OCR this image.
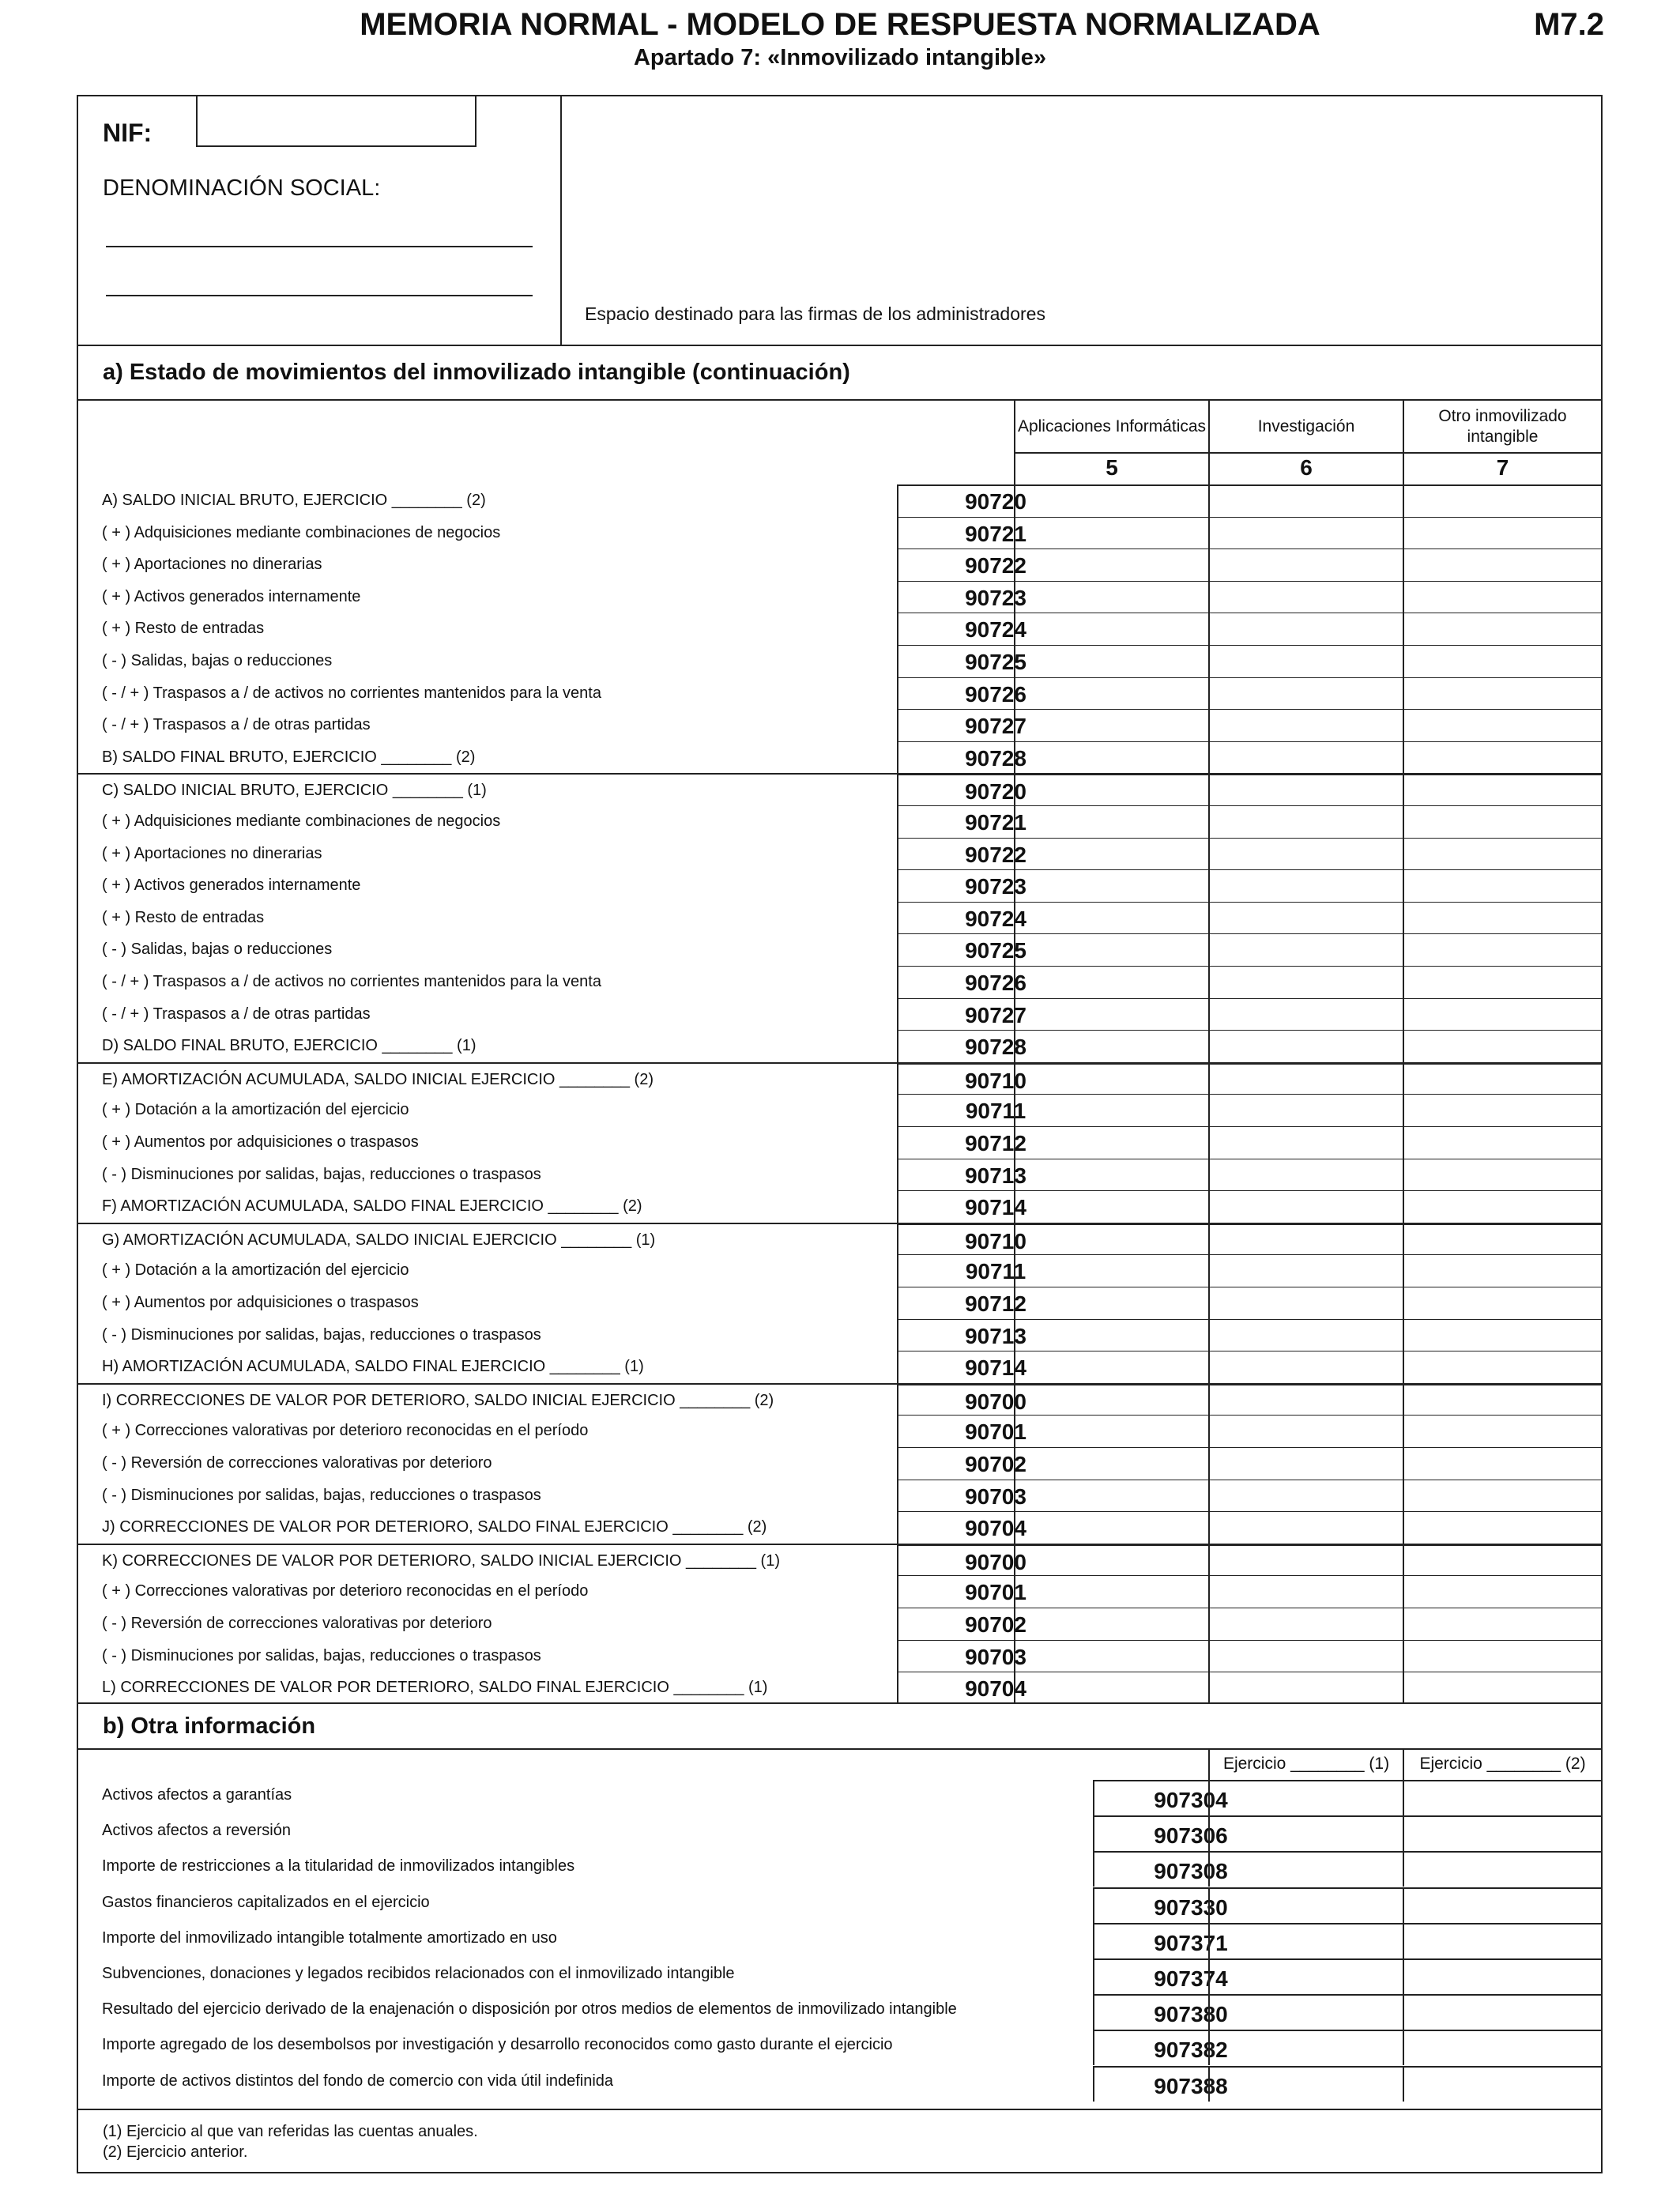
MEMORIA NORMAL - MODELO DE RESPUESTA NORMALIZADA
Apartado 7: «Inmovilizado intangible»
M7.2
NIF:
DENOMINACIÓN SOCIAL:
Espacio destinado para las firmas de los administradores
a) Estado de movimientos del inmovilizado intangible (continuación)
Aplicaciones Informáticas	Investigación
Otro inmovilizado intangible
5	6	7
A) SALDO INICIAL BRUTO, EJERCICIO ________ (2)	90720
( + ) Adquisiciones mediante combinaciones de negocios	90721
( + ) Aportaciones no dinerarias	90722
( + ) Activos generados internamente	90723
( + ) Resto de entradas	90724
( - ) Salidas, bajas o reducciones	90725
( - / + ) Traspasos a / de activos no corrientes mantenidos para la venta	90726
( - / + ) Traspasos a / de otras partidas	90727
B) SALDO FINAL BRUTO, EJERCICIO ________ (2)	90728
C) SALDO INICIAL BRUTO, EJERCICIO ________ (1)	90720
( + ) Adquisiciones mediante combinaciones de negocios	90721
( + ) Aportaciones no dinerarias	90722
( + ) Activos generados internamente	90723
( + ) Resto de entradas	90724
( - ) Salidas, bajas o reducciones	90725
( - / + ) Traspasos a / de activos no corrientes mantenidos para la venta	90726
( - / + ) Traspasos a / de otras partidas	90727
D) SALDO FINAL BRUTO, EJERCICIO ________ (1)	90728
E) AMORTIZACIÓN ACUMULADA, SALDO INICIAL EJERCICIO ________ (2)	90710
( + ) Dotación a la amortización del ejercicio	90711
( + ) Aumentos por adquisiciones o traspasos	90712
( - ) Disminuciones por salidas, bajas, reducciones o traspasos	90713
F) AMORTIZACIÓN ACUMULADA, SALDO FINAL EJERCICIO ________ (2)	90714
G) AMORTIZACIÓN ACUMULADA, SALDO INICIAL EJERCICIO ________ (1)	90710
( + ) Dotación a la amortización del ejercicio	90711
( + ) Aumentos por adquisiciones o traspasos	90712
( - ) Disminuciones por salidas, bajas, reducciones o traspasos	90713
H) AMORTIZACIÓN ACUMULADA, SALDO FINAL EJERCICIO ________ (1)	90714
I) CORRECCIONES DE VALOR POR DETERIORO, SALDO INICIAL EJERCICIO ________ (2)	90700
( + ) Correcciones valorativas por deterioro reconocidas en el período	90701
( - ) Reversión de correcciones valorativas por deterioro	90702
( - ) Disminuciones por salidas, bajas, reducciones o traspasos	90703
J) CORRECCIONES DE VALOR POR DETERIORO, SALDO FINAL EJERCICIO ________ (2)	90704
K) CORRECCIONES DE VALOR POR DETERIORO, SALDO INICIAL EJERCICIO ________ (1)	90700
( + ) Correcciones valorativas por deterioro reconocidas en el período	90701
( - ) Reversión de correcciones valorativas por deterioro	90702
( - ) Disminuciones por salidas, bajas, reducciones o traspasos	90703
L) CORRECCIONES DE VALOR POR DETERIORO, SALDO FINAL EJERCICIO ________ (1)	90704
b) Otra información
Ejercicio ________ (1)	Ejercicio ________ (2)
Activos afectos a garantías	907304
Activos afectos a reversión	907306
Importe de restricciones a la titularidad de inmovilizados intangibles	907308
Gastos financieros capitalizados en el ejercicio	907330
Importe del inmovilizado intangible totalmente amortizado en uso	907371
Subvenciones, donaciones y legados recibidos relacionados con el inmovilizado intangible	907374
Resultado del ejercicio derivado de la enajenación o disposición por otros medios de elementos de inmovilizado intangible	907380
Importe agregado de los desembolsos por investigación y desarrollo reconocidos como gasto durante el ejercicio	907382
Importe de activos distintos del fondo de comercio con vida útil indefinida	907388
(1) Ejercicio al que van referidas las cuentas anuales.
(2) Ejercicio anterior.
